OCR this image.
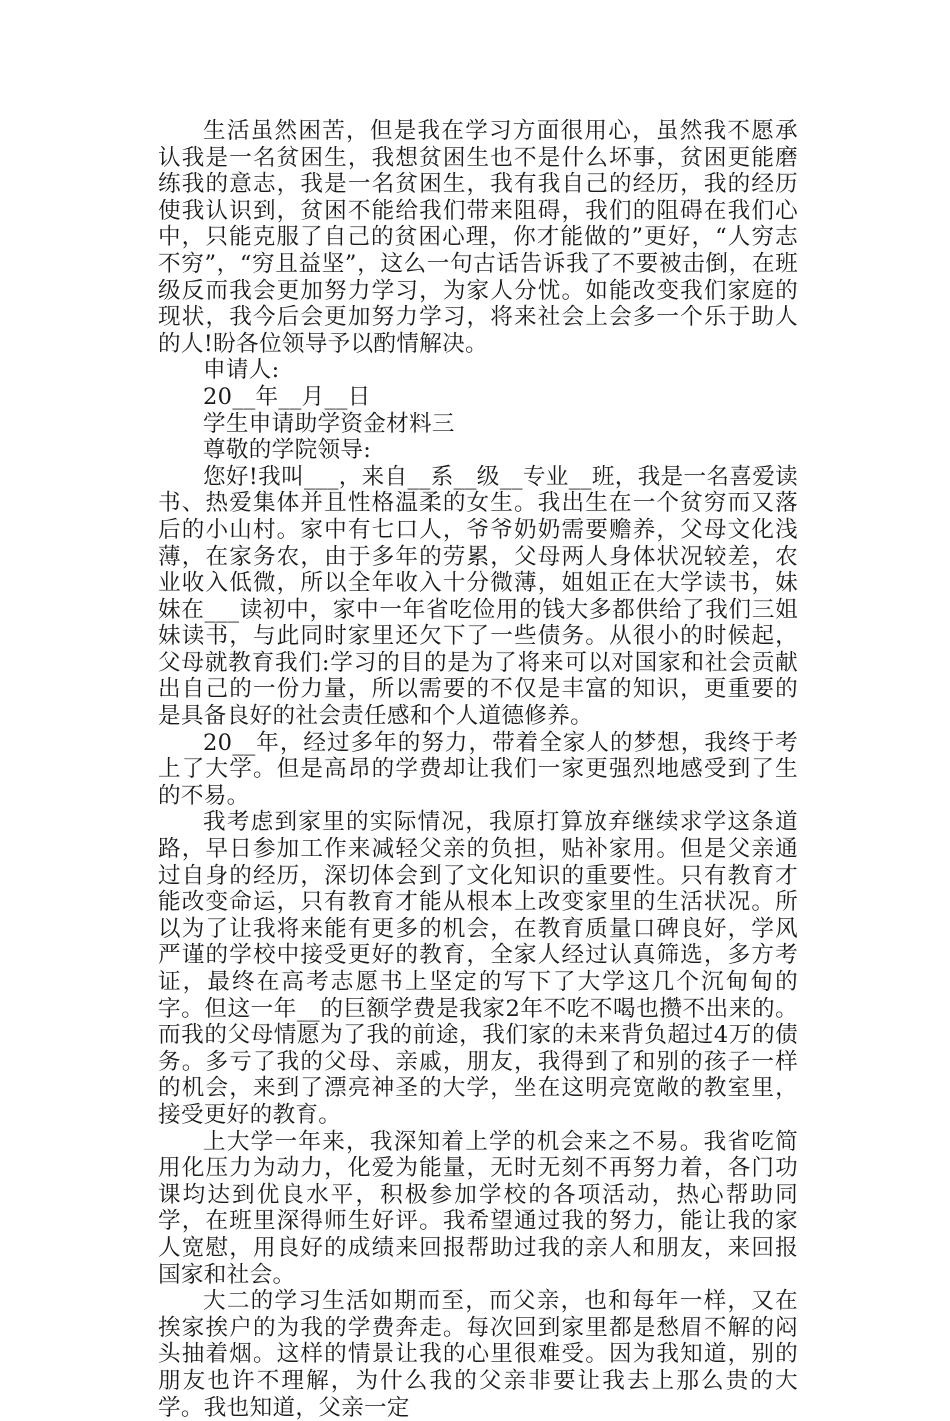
生活虽然困苦，但是我在学习方面很用心，虽然我不愿承认我是一名贫困生，我想贫困生也不是什么坏事，贫困更能磨练我的意志，我是一名贫困生，我有我自己的经历，我的经历使我认识到，贫困不能给我们带来阻碍，我们的阻碍在我们心中，只能克服了自己的贫困心理，你才能做的”更好，“人穷志不穷”，“穷且益坚”，这么一句古话告诉我了不要被击倒，在班级反而我会更加努力学习，为家人分忧。如能改变我们家庭的现状，我今后会更加努力学习，将来社会上会多一个乐于助人的人!盼各位领导予以酌情解决。

申请人:

20__年__月__日

学生申请助学资金材料三

尊敬的学院领导:

您好!我叫___，来自__系__级__专业__班，我是一名喜爱读书、热爱集体并且性格温柔的女生。我出生在一个贫穷而又落后的小山村。家中有七口人，爷爷奶奶需要赡养，父母文化浅薄，在家务农，由于多年的劳累，父母两人身体状况较差，农业收入低微，所以全年收入十分微薄，姐姐正在大学读书，妹妹在___读初中，家中一年省吃俭用的钱大多都供给了我们三姐妹读书，与此同时家里还欠下了一些债务。从很小的时候起，父母就教育我们:学习的目的是为了将来可以对国家和社会贡献出自己的一份力量，所以需要的不仅是丰富的知识，更重要的是具备良好的社会责任感和个人道德修养。

20__年，经过多年的努力，带着全家人的梦想，我终于考上了大学。但是高昂的学费却让我们一家更强烈地感受到了生的不易。

我考虑到家里的实际情况，我原打算放弃继续求学这条道路，早日参加工作来减轻父亲的负担，贴补家用。但是父亲通过自身的经历，深切体会到了文化知识的重要性。只有教育才能改变命运，只有教育才能从根本上改变家里的生活状况。所以为了让我将来能有更多的机会，在教育质量口碑良好，学风严谨的学校中接受更好的教育，全家人经过认真筛选，多方考证，最终在高考志愿书上坚定的写下了大学这几个沉甸甸的字。但这一年__的巨额学费是我家2年不吃不喝也攒不出来的。而我的父母情愿为了我的前途，我们家的未来背负超过4万的债务。多亏了我的父母、亲戚，朋友，我得到了和别的孩子一样的机会，来到了漂亮神圣的大学，坐在这明亮宽敞的教室里，接受更好的教育。

上大学一年来，我深知着上学的机会来之不易。我省吃简用化压力为动力，化爱为能量，无时无刻不再努力着，各门功课均达到优良水平，积极参加学校的各项活动，热心帮助同学，在班里深得师生好评。我希望通过我的努力，能让我的家人宽慰，用良好的成绩来回报帮助过我的亲人和朋友，来回报国家和社会。

大二的学习生活如期而至，而父亲，也和每年一样，又在挨家挨户的为我的学费奔走。每次回到家里都是愁眉不解的闷头抽着烟。这样的情景让我的心里很难受。因为我知道，别的朋友也许不理解，为什么我的父亲非要让我去上那么贵的大学。我也知道，父亲一定
